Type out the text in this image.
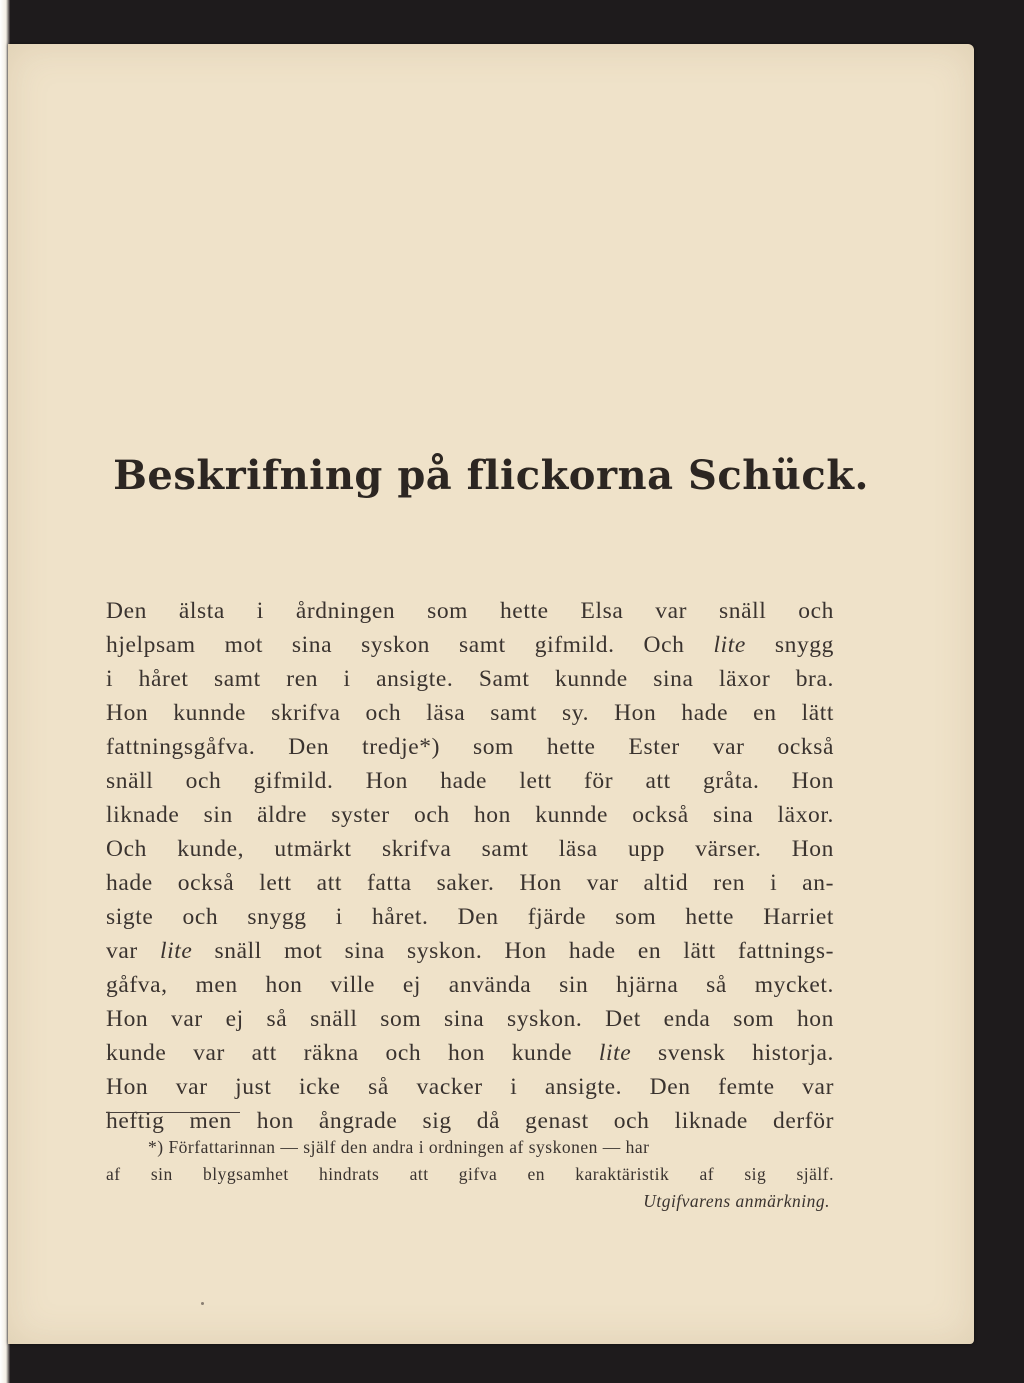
Beskrifning på flickorna Schück.
Den älsta i årdningen som hette Elsa var snäll och
hjelpsam mot sina syskon samt gifmild. Och lite snygg
i håret samt ren i ansigte. Samt kunnde sina läxor bra.
Hon kunnde skrifva och läsa samt sy. Hon hade en lätt
fattningsgåfva. Den tredje*) som hette Ester var också
snäll och gifmild. Hon hade lett för att gråta. Hon
liknade sin äldre syster och hon kunnde också sina läxor.
Och kunde, utmärkt skrifva samt läsa upp värser. Hon
hade också lett att fatta saker. Hon var altid ren i an-
sigte och snygg i håret. Den fjärde som hette Harriet
var lite snäll mot sina syskon. Hon hade en lätt fattnings-
gåfva, men hon ville ej använda sin hjärna så mycket.
Hon var ej så snäll som sina syskon. Det enda som hon
kunde var att räkna och hon kunde lite svensk historja.
Hon var just icke så vacker i ansigte. Den femte var
heftig men hon ångrade sig då genast och liknade derför
*) Författarinnan — själf den andra i ordningen af syskonen — har
af sin blygsamhet hindrats att gifva en karaktäristik af sig själf.
Utgifvarens anmärkning.
